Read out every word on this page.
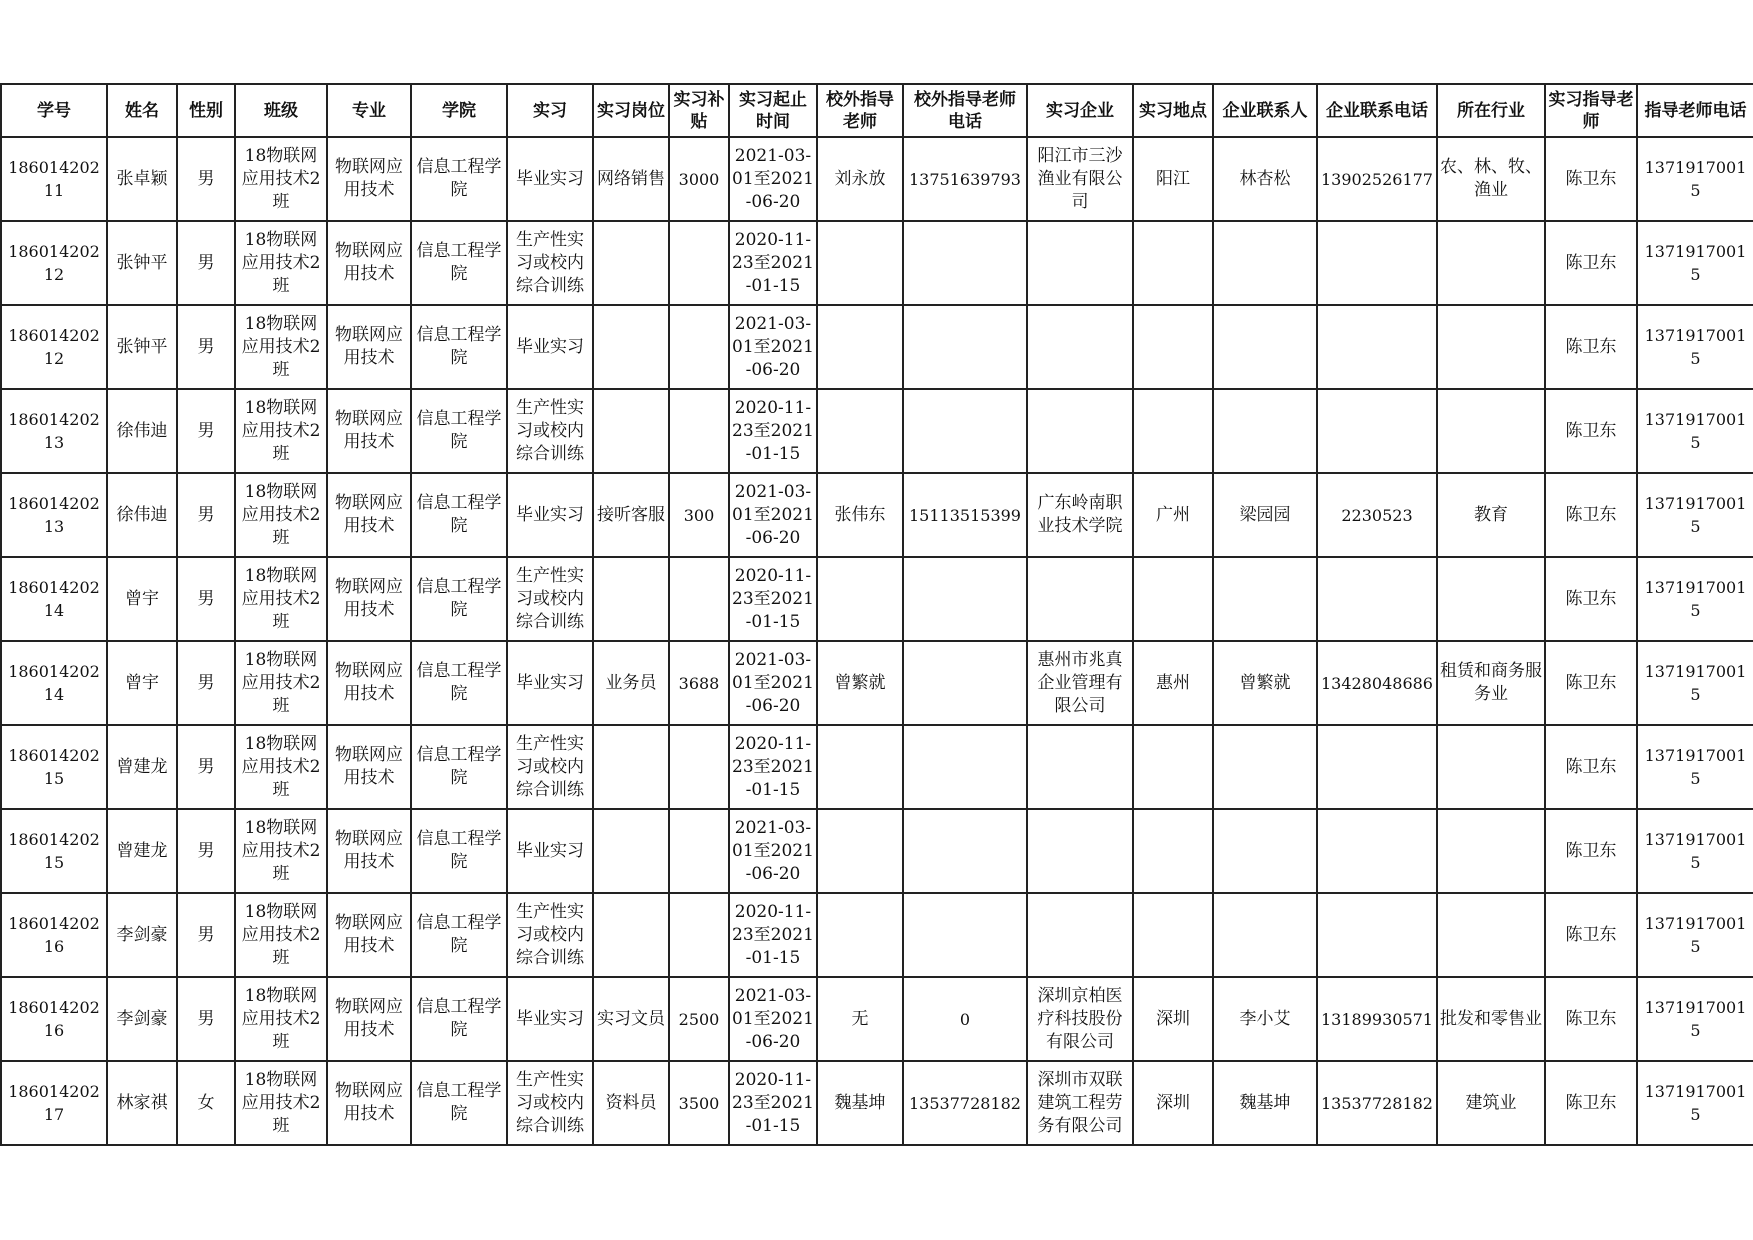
学号	姓名	性别	班级	专业	学院	实习	实习岗位	实习补贴	实习起止时间	校外指导老师	校外指导老师电话	实习企业	实习地点	企业联系人	企业联系电话	所在行业	实习指导老师	指导老师电话

18601420211	张卓颖	男	18物联网应用技术2班	物联网应用技术	信息工程学院	毕业实习	网络销售	3000	2021-03-01至2021-06-20	刘永放	13751639793	阳江市三沙渔业有限公司	阳江	林杏松	13902526177	农、林、牧、渔业	陈卫东	13719170015

18601420212	张钟平	男	18物联网应用技术2班	物联网应用技术	信息工程学院	生产性实习或校内综合训练			2020-11-23至2021-01-15								陈卫东	13719170015

18601420212	张钟平	男	18物联网应用技术2班	物联网应用技术	信息工程学院	毕业实习			2021-03-01至2021-06-20								陈卫东	13719170015

18601420213	徐伟迪	男	18物联网应用技术2班	物联网应用技术	信息工程学院	生产性实习或校内综合训练			2020-11-23至2021-01-15								陈卫东	13719170015

18601420213	徐伟迪	男	18物联网应用技术2班	物联网应用技术	信息工程学院	毕业实习	接听客服	300	2021-03-01至2021-06-20	张伟东	15113515399	广东岭南职业技术学院	广州	梁园园	2230523	教育	陈卫东	13719170015

18601420214	曾宇	男	18物联网应用技术2班	物联网应用技术	信息工程学院	生产性实习或校内综合训练			2020-11-23至2021-01-15								陈卫东	13719170015

18601420214	曾宇	男	18物联网应用技术2班	物联网应用技术	信息工程学院	毕业实习	业务员	3688	2021-03-01至2021-06-20	曾繁就		惠州市兆真企业管理有限公司	惠州	曾繁就	13428048686	租赁和商务服务业	陈卫东	13719170015

18601420215	曾建龙	男	18物联网应用技术2班	物联网应用技术	信息工程学院	生产性实习或校内综合训练			2020-11-23至2021-01-15								陈卫东	13719170015

18601420215	曾建龙	男	18物联网应用技术2班	物联网应用技术	信息工程学院	毕业实习			2021-03-01至2021-06-20								陈卫东	13719170015

18601420216	李剑豪	男	18物联网应用技术2班	物联网应用技术	信息工程学院	生产性实习或校内综合训练			2020-11-23至2021-01-15								陈卫东	13719170015

18601420216	李剑豪	男	18物联网应用技术2班	物联网应用技术	信息工程学院	毕业实习	实习文员	2500	2021-03-01至2021-06-20	无	0	深圳京柏医疗科技股份有限公司	深圳	李小艾	13189930571	批发和零售业	陈卫东	13719170015

18601420217	林家祺	女	18物联网应用技术2班	物联网应用技术	信息工程学院	生产性实习或校内综合训练	资料员	3500	2020-11-23至2021-01-15	魏基坤	13537728182	深圳市双联建筑工程劳务有限公司	深圳	魏基坤	13537728182	建筑业	陈卫东	13719170015
